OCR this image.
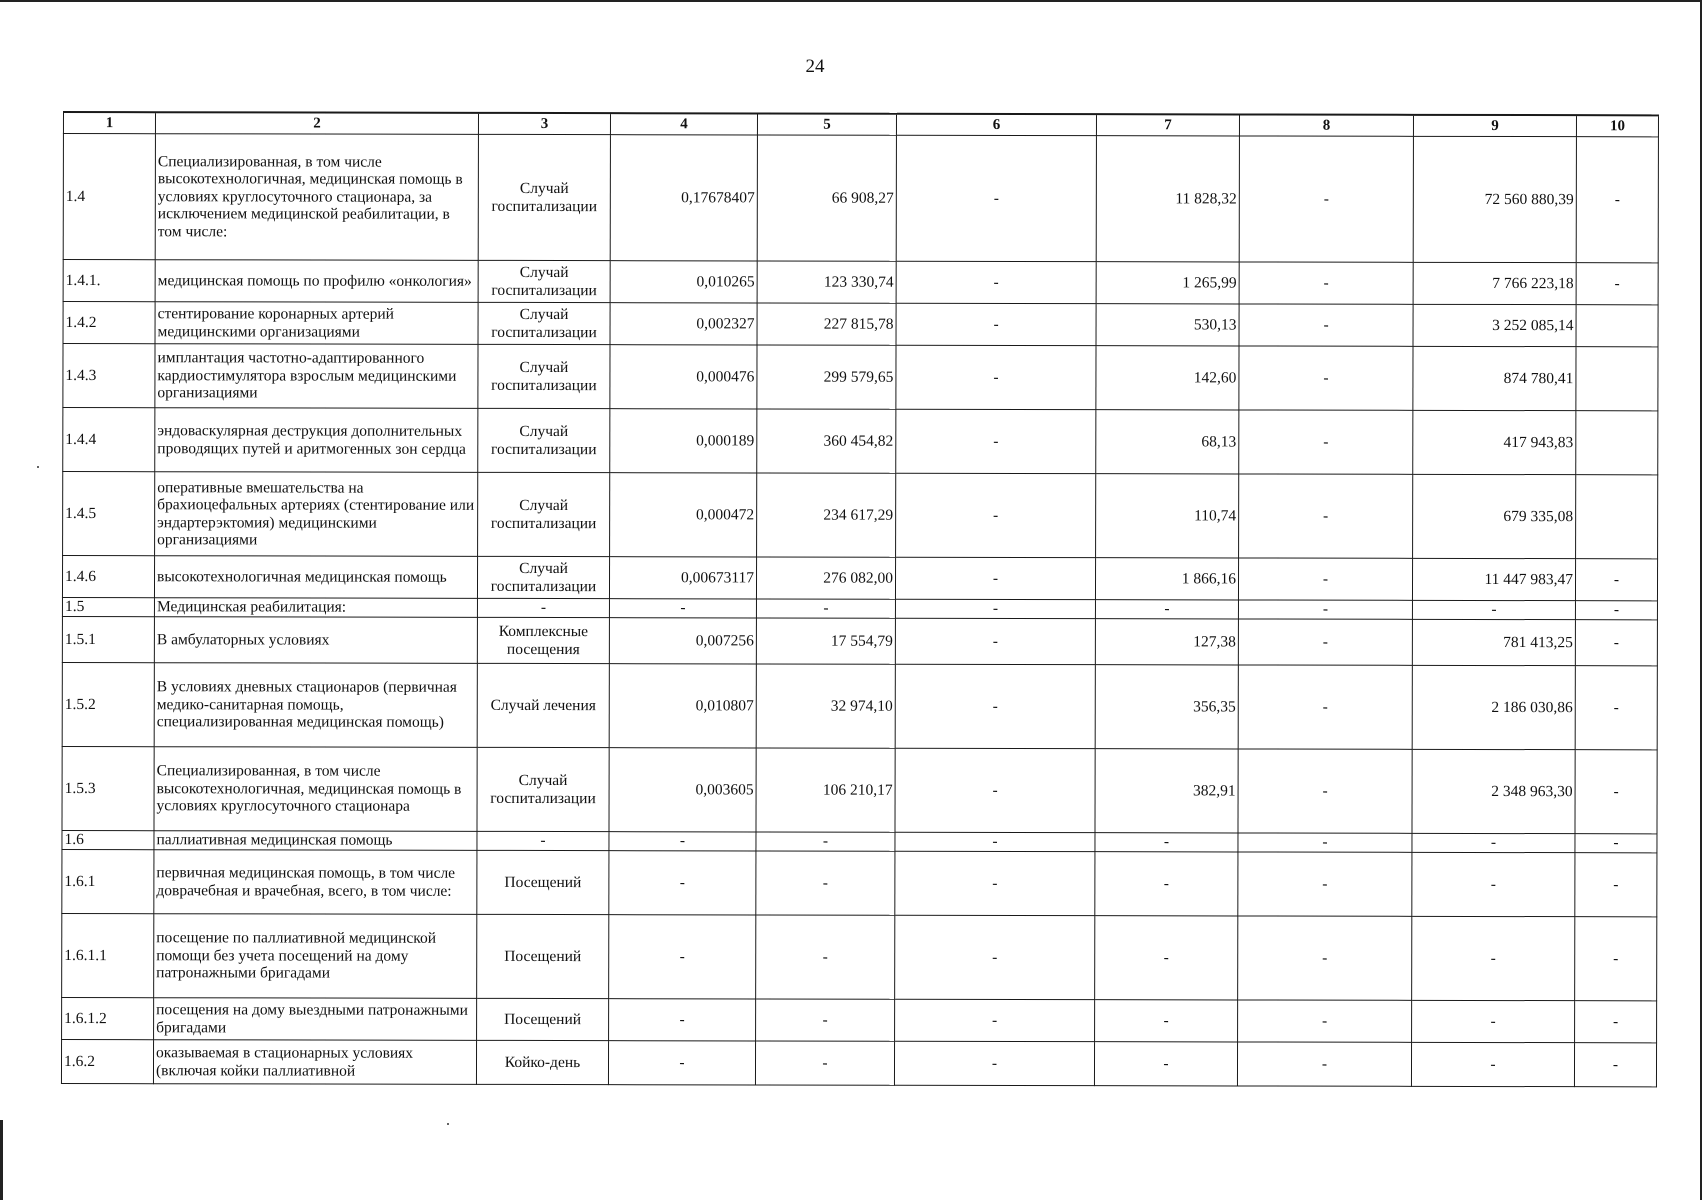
24
1	2	3	4	5	6	7	8	9	10
1.4	Специализированная, в том числе высокотехнологичная, медицинская помощь в условиях круглосуточного стационара, за исключением медицинской реабилитации, в том числе:	Случай госпитализации	0,17678407	66 908,27	-	11 828,32	-	72 560 880,39	-
1.4.1.	медицинская помощь по профилю «онкология»	Случай госпитализации	0,010265	123 330,74	-	1 265,99	-	7 766 223,18	-
1.4.2	стентирование коронарных артерий медицинскими организациями	Случай госпитализации	0,002327	227 815,78	-	530,13	-	3 252 085,14	
1.4.3	имплантация частотно-адаптированного кардиостимулятора взрослым медицинскими организациями	Случай госпитализации	0,000476	299 579,65	-	142,60	-	874 780,41	
1.4.4	эндоваскулярная деструкция дополнительных проводящих путей и аритмогенных зон сердца	Случай госпитализации	0,000189	360 454,82	-	68,13	-	417 943,83	
1.4.5	оперативные вмешательства на брахиоцефальных артериях (стентирование или эндартерэктомия) медицинскими организациями	Случай госпитализации	0,000472	234 617,29	-	110,74	-	679 335,08	
1.4.6	высокотехнологичная медицинская помощь	Случай госпитализации	0,00673117	276 082,00	-	1 866,16	-	11 447 983,47	-
1.5	Медицинская реабилитация:	-	-	-	-	-	-	-	-
1.5.1	В амбулаторных условиях	Комплексные посещения	0,007256	17 554,79	-	127,38	-	781 413,25	-
1.5.2	В условиях дневных стационаров (первичная медико-санитарная помощь, специализированная медицинская помощь)	Случай лечения	0,010807	32 974,10	-	356,35	-	2 186 030,86	-
1.5.3	Специализированная, в том числе высокотехнологичная, медицинская помощь в условиях круглосуточного стационара	Случай госпитализации	0,003605	106 210,17	-	382,91	-	2 348 963,30	-
1.6	паллиативная медицинская помощь	-	-	-	-	-	-	-	-
1.6.1	первичная медицинская помощь, в том числе доврачебная и врачебная, всего, в том числе:	Посещений	-	-	-	-	-	-	-
1.6.1.1	посещение по паллиативной медицинской помощи без учета посещений на дому патронажными бригадами	Посещений	-	-	-	-	-	-	-
1.6.1.2	посещения на дому выездными патронажными бригадами	Посещений	-	-	-	-	-	-	-
1.6.2	оказываемая в стационарных условиях (включая койки паллиативной	Койко-день	-	-	-	-	-	-	-
